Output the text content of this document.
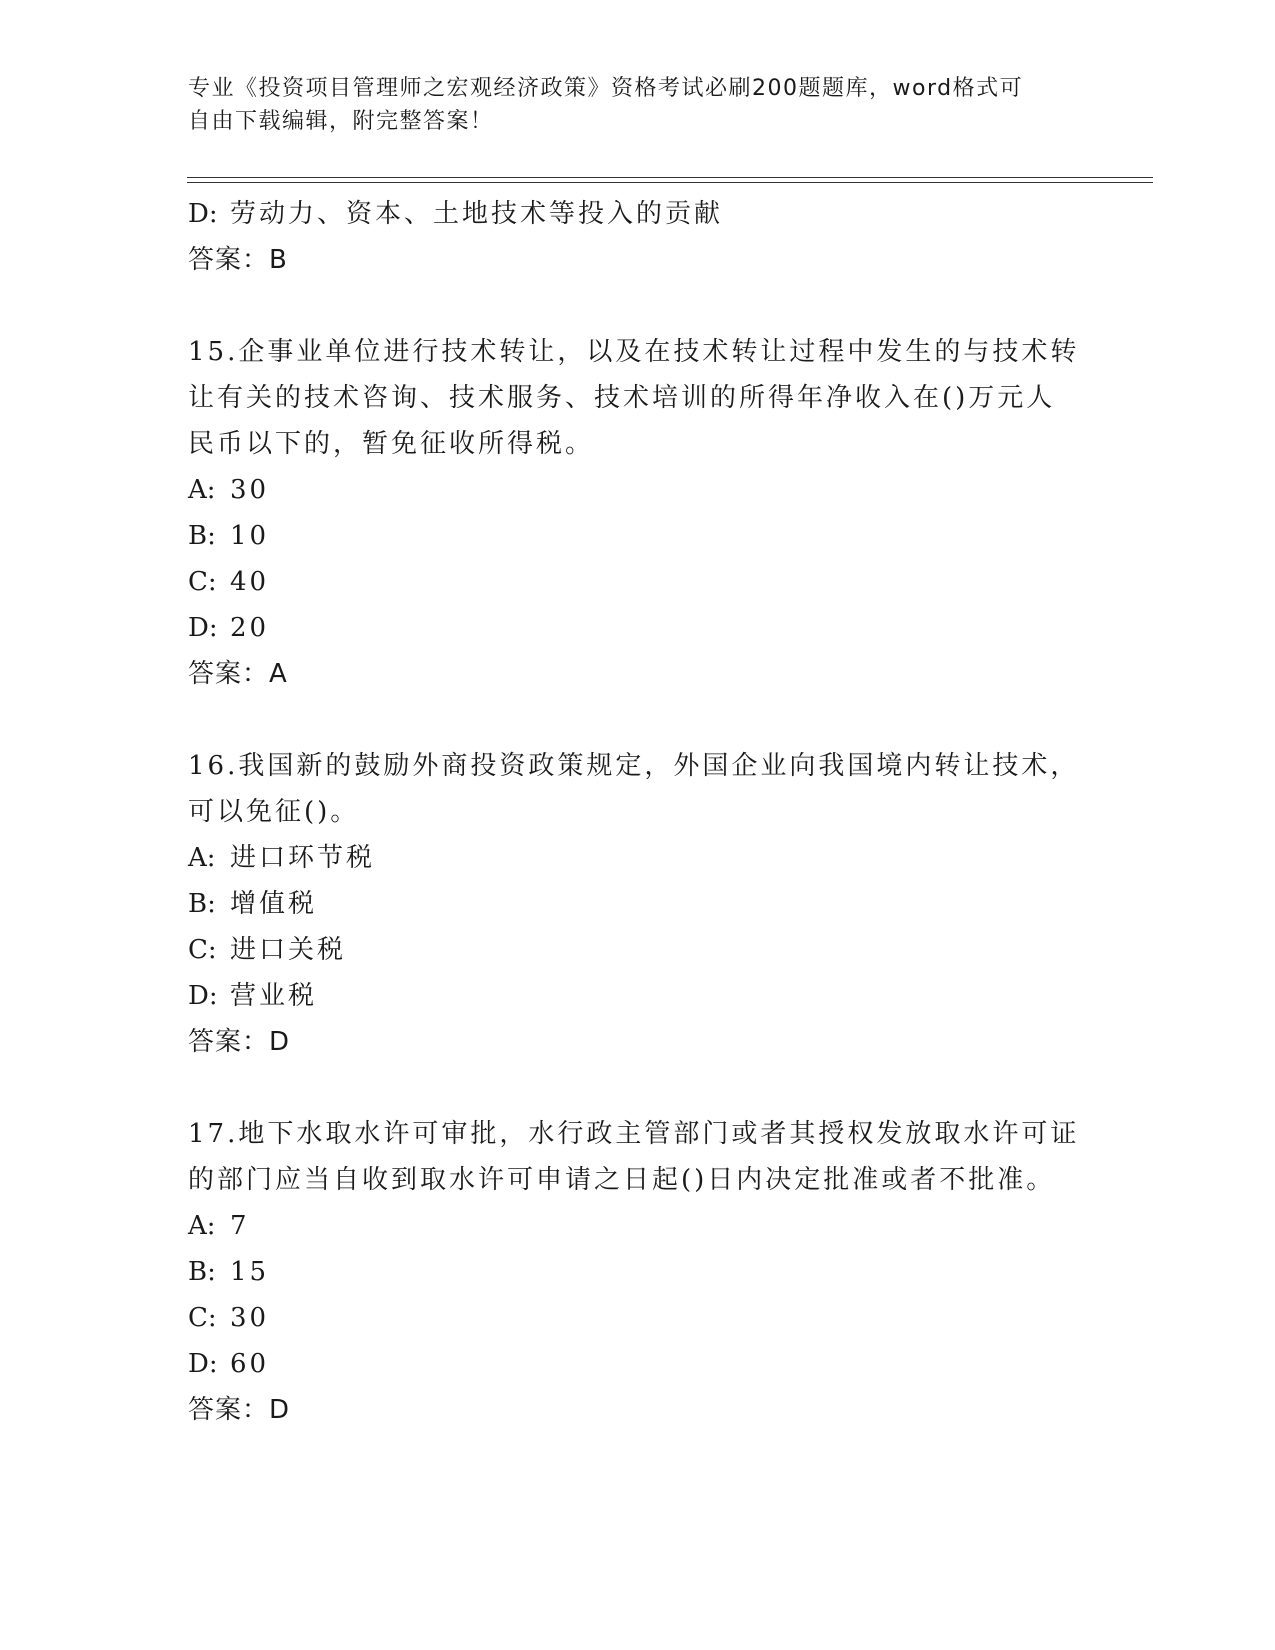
专业《投资项目管理师之宏观经济政策》资格考试必刷200题题库，word格式可
自由下载编辑，附完整答案！
D: 劳动力、资本、土地技术等投入的贡献
答案：B
15.企事业单位进行技术转让，以及在技术转让过程中发生的与技术转
让有关的技术咨询、技术服务、技术培训的所得年净收入在()万元人
民币以下的，暂免征收所得税。
A: 30
B: 10
C: 40
D: 20
答案：A
16.我国新的鼓励外商投资政策规定，外国企业向我国境内转让技术，
可以免征()。
A: 进口环节税
B: 增值税
C: 进口关税
D: 营业税
答案：D
17.地下水取水许可审批，水行政主管部门或者其授权发放取水许可证
的部门应当自收到取水许可申请之日起()日内决定批准或者不批准。
A: 7
B: 15
C: 30
D: 60
答案：D
